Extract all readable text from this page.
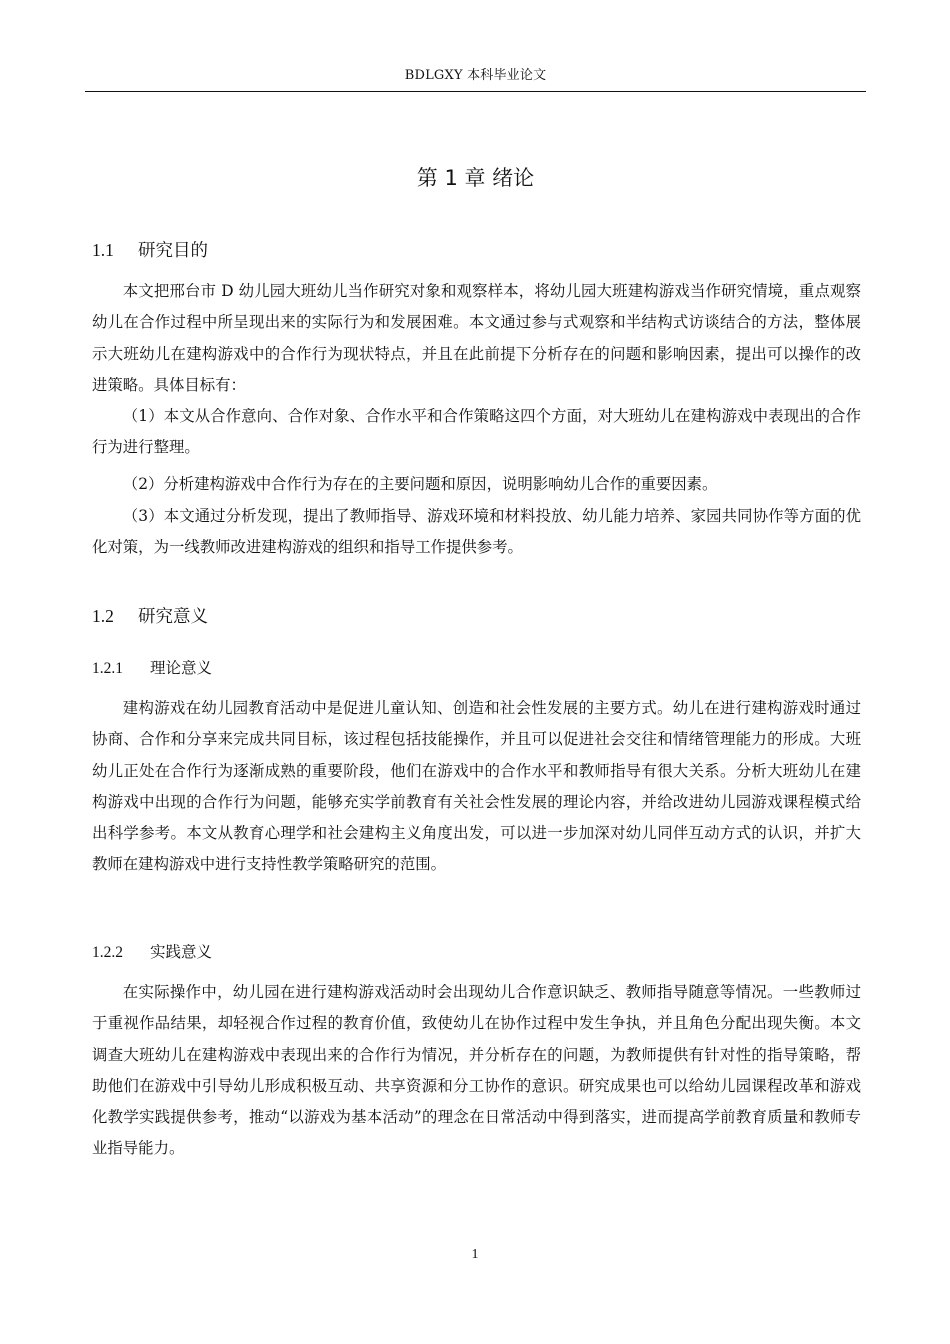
BDLGXY 本科毕业论文
第 1 章 绪论
1.1 研究目的

本文把邢台市 D 幼儿园大班幼儿当作研究对象和观察样本，将幼儿园大班建构游戏当作研究情境，重点观察幼儿在合作过程中所呈现出来的实际行为和发展困难。本文通过参与式观察和半结构式访谈结合的方法，整体展示大班幼儿在建构游戏中的合作行为现状特点，并且在此前提下分析存在的问题和影响因素，提出可以操作的改进策略。具体目标有：

（1）本文从合作意向、合作对象、合作水平和合作策略这四个方面，对大班幼儿在建构游戏中表现出的合作行为进行整理。

（2）分析建构游戏中合作行为存在的主要问题和原因，说明影响幼儿合作的重要因素。

（3）本文通过分析发现，提出了教师指导、游戏环境和材料投放、幼儿能力培养、家园共同协作等方面的优化对策，为一线教师改进建构游戏的组织和指导工作提供参考。

1.2 研究意义
1.2.1 理论意义

建构游戏在幼儿园教育活动中是促进儿童认知、创造和社会性发展的主要方式。幼儿在进行建构游戏时通过协商、合作和分享来完成共同目标，该过程包括技能操作，并且可以促进社会交往和情绪管理能力的形成。大班幼儿正处在合作行为逐渐成熟的重要阶段，他们在游戏中的合作水平和教师指导有很大关系。分析大班幼儿在建构游戏中出现的合作行为问题，能够充实学前教育有关社会性发展的理论内容，并给改进幼儿园游戏课程模式给出科学参考。本文从教育心理学和社会建构主义角度出发，可以进一步加深对幼儿同伴互动方式的认识，并扩大教师在建构游戏中进行支持性教学策略研究的范围。

1.2.2 实践意义

在实际操作中，幼儿园在进行建构游戏活动时会出现幼儿合作意识缺乏、教师指导随意等情况。一些教师过于重视作品结果，却轻视合作过程的教育价值，致使幼儿在协作过程中发生争执，并且角色分配出现失衡。本文调查大班幼儿在建构游戏中表现出来的合作行为情况，并分析存在的问题，为教师提供有针对性的指导策略，帮助他们在游戏中引导幼儿形成积极互动、共享资源和分工协作的意识。研究成果也可以给幼儿园课程改革和游戏化教学实践提供参考，推动“以游戏为基本活动”的理念在日常活动中得到落实，进而提高学前教育质量和教师专业指导能力。

1
